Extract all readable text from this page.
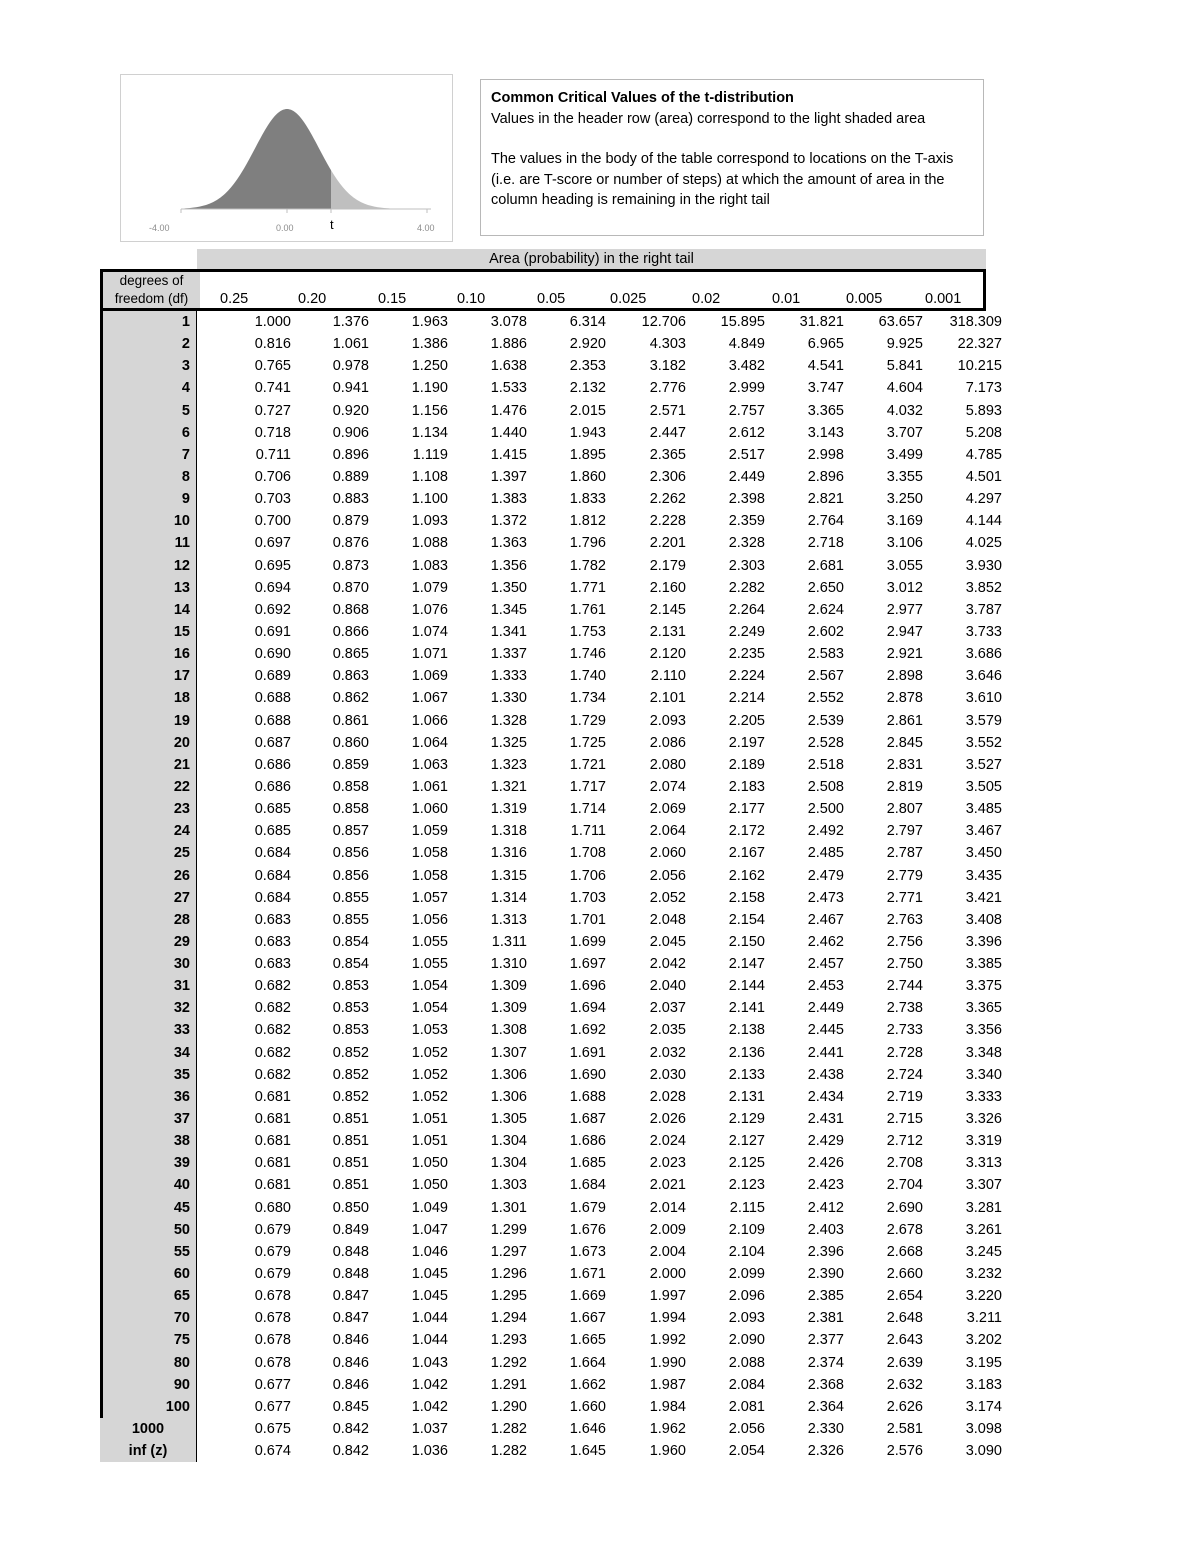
-4.00	0.00	t	4.00
Common Critical Values of the t-distribution
Values in the header row (area) correspond to the light shaded area
The values in the body of the table correspond to locations on the T-axis (i.e. are T-score or number of steps) at which the amount of area in the column heading is remaining in the right tail
Area (probability) in the right tail
degrees of
freedom (df)	0.25	0.20	0.15	0.10	0.05	0.025	0.02	0.01	0.005	0.001
1	1.000	1.376	1.963	3.078	6.314	12.706	15.895	31.821	63.657	318.309
2	0.816	1.061	1.386	1.886	2.920	4.303	4.849	6.965	9.925	22.327
3	0.765	0.978	1.250	1.638	2.353	3.182	3.482	4.541	5.841	10.215
4	0.741	0.941	1.190	1.533	2.132	2.776	2.999	3.747	4.604	7.173
5	0.727	0.920	1.156	1.476	2.015	2.571	2.757	3.365	4.032	5.893
6	0.718	0.906	1.134	1.440	1.943	2.447	2.612	3.143	3.707	5.208
7	0.711	0.896	1.119	1.415	1.895	2.365	2.517	2.998	3.499	4.785
8	0.706	0.889	1.108	1.397	1.860	2.306	2.449	2.896	3.355	4.501
9	0.703	0.883	1.100	1.383	1.833	2.262	2.398	2.821	3.250	4.297
10	0.700	0.879	1.093	1.372	1.812	2.228	2.359	2.764	3.169	4.144
11	0.697	0.876	1.088	1.363	1.796	2.201	2.328	2.718	3.106	4.025
12	0.695	0.873	1.083	1.356	1.782	2.179	2.303	2.681	3.055	3.930
13	0.694	0.870	1.079	1.350	1.771	2.160	2.282	2.650	3.012	3.852
14	0.692	0.868	1.076	1.345	1.761	2.145	2.264	2.624	2.977	3.787
15	0.691	0.866	1.074	1.341	1.753	2.131	2.249	2.602	2.947	3.733
16	0.690	0.865	1.071	1.337	1.746	2.120	2.235	2.583	2.921	3.686
17	0.689	0.863	1.069	1.333	1.740	2.110	2.224	2.567	2.898	3.646
18	0.688	0.862	1.067	1.330	1.734	2.101	2.214	2.552	2.878	3.610
19	0.688	0.861	1.066	1.328	1.729	2.093	2.205	2.539	2.861	3.579
20	0.687	0.860	1.064	1.325	1.725	2.086	2.197	2.528	2.845	3.552
21	0.686	0.859	1.063	1.323	1.721	2.080	2.189	2.518	2.831	3.527
22	0.686	0.858	1.061	1.321	1.717	2.074	2.183	2.508	2.819	3.505
23	0.685	0.858	1.060	1.319	1.714	2.069	2.177	2.500	2.807	3.485
24	0.685	0.857	1.059	1.318	1.711	2.064	2.172	2.492	2.797	3.467
25	0.684	0.856	1.058	1.316	1.708	2.060	2.167	2.485	2.787	3.450
26	0.684	0.856	1.058	1.315	1.706	2.056	2.162	2.479	2.779	3.435
27	0.684	0.855	1.057	1.314	1.703	2.052	2.158	2.473	2.771	3.421
28	0.683	0.855	1.056	1.313	1.701	2.048	2.154	2.467	2.763	3.408
29	0.683	0.854	1.055	1.311	1.699	2.045	2.150	2.462	2.756	3.396
30	0.683	0.854	1.055	1.310	1.697	2.042	2.147	2.457	2.750	3.385
31	0.682	0.853	1.054	1.309	1.696	2.040	2.144	2.453	2.744	3.375
32	0.682	0.853	1.054	1.309	1.694	2.037	2.141	2.449	2.738	3.365
33	0.682	0.853	1.053	1.308	1.692	2.035	2.138	2.445	2.733	3.356
34	0.682	0.852	1.052	1.307	1.691	2.032	2.136	2.441	2.728	3.348
35	0.682	0.852	1.052	1.306	1.690	2.030	2.133	2.438	2.724	3.340
36	0.681	0.852	1.052	1.306	1.688	2.028	2.131	2.434	2.719	3.333
37	0.681	0.851	1.051	1.305	1.687	2.026	2.129	2.431	2.715	3.326
38	0.681	0.851	1.051	1.304	1.686	2.024	2.127	2.429	2.712	3.319
39	0.681	0.851	1.050	1.304	1.685	2.023	2.125	2.426	2.708	3.313
40	0.681	0.851	1.050	1.303	1.684	2.021	2.123	2.423	2.704	3.307
45	0.680	0.850	1.049	1.301	1.679	2.014	2.115	2.412	2.690	3.281
50	0.679	0.849	1.047	1.299	1.676	2.009	2.109	2.403	2.678	3.261
55	0.679	0.848	1.046	1.297	1.673	2.004	2.104	2.396	2.668	3.245
60	0.679	0.848	1.045	1.296	1.671	2.000	2.099	2.390	2.660	3.232
65	0.678	0.847	1.045	1.295	1.669	1.997	2.096	2.385	2.654	3.220
70	0.678	0.847	1.044	1.294	1.667	1.994	2.093	2.381	2.648	3.211
75	0.678	0.846	1.044	1.293	1.665	1.992	2.090	2.377	2.643	3.202
80	0.678	0.846	1.043	1.292	1.664	1.990	2.088	2.374	2.639	3.195
90	0.677	0.846	1.042	1.291	1.662	1.987	2.084	2.368	2.632	3.183
100	0.677	0.845	1.042	1.290	1.660	1.984	2.081	2.364	2.626	3.174
1000	0.675	0.842	1.037	1.282	1.646	1.962	2.056	2.330	2.581	3.098
inf (z)	0.674	0.842	1.036	1.282	1.645	1.960	2.054	2.326	2.576	3.090
